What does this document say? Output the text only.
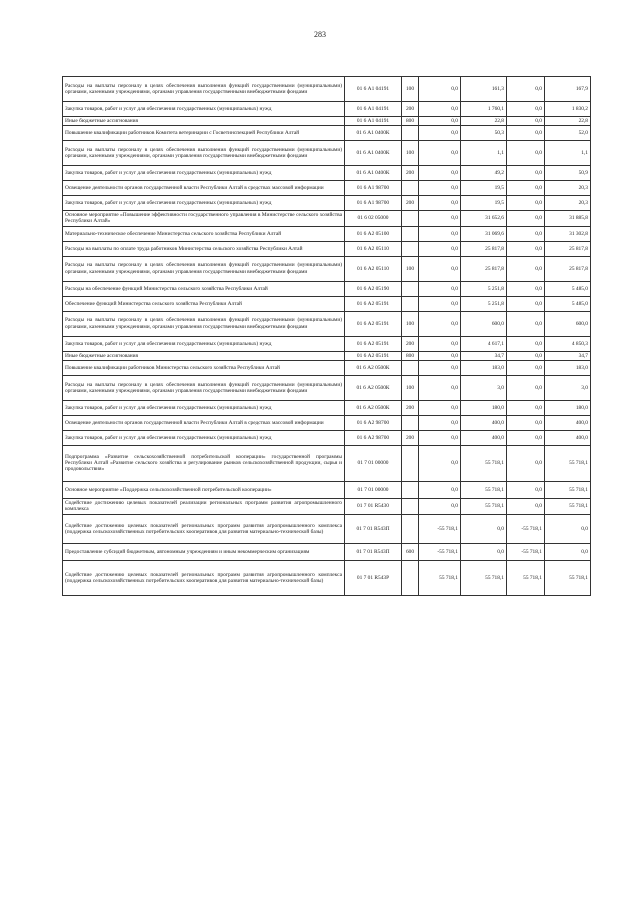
283
Расходы на выплаты персоналу в целях обеспечения выполнения функций государственными (муниципальными) органами, казенными учреждениями, органами управления государственными внебюджетными фондами	01 6 А1 04191	100	0,0	161,3	0,0	167,9
Закупка товаров, работ и услуг для обеспечения государственных (муниципальных) нужд	01 6 А1 04191	200	0,0	1 760,1	0,0	1 830,2
Иные бюджетные ассигнования	01 6 А1 04191	800	0,0	22,8	0,0	22,8
Повышение квалификации работников Комитета ветеринарии с Госветинспекцией Республики Алтай	01 6 А1 0400К		0,0	50,3	0,0	52,0
Расходы на выплаты персоналу в целях обеспечения выполнения функций государственными (муниципальными) органами, казенными учреждениями, органами управления государственными внебюджетными фондами	01 6 А1 0400К	100	0,0	1,1	0,0	1,1
Закупка товаров, работ и услуг для обеспечения государственных (муниципальных) нужд	01 6 А1 0400К	200	0,0	49,2	0,0	50,9
Освещение деятельности органов государственной власти Республики Алтай в средствах массовой информации	01 6 А1 98700		0,0	19,5	0,0	20,3
Закупка товаров, работ и услуг для обеспечения государственных (муниципальных) нужд	01 6 А1 98700	200	0,0	19,5	0,0	20,3
Основное мероприятие «Повышение эффективности государственного управления в Министерстве сельского хозяйства Республики Алтай»	01 6 02 05000		0,0	31 652,6	0,0	31 885,8
Материально-техническое обеспечение Министерства сельского хозяйства Республики Алтай	01 6 А2 05100		0,0	31 069,6	0,0	31 302,8
Расходы на выплаты по оплате труда работников Министерства сельского хозяйства Республики Алтай	01 6 А2 05110		0,0	25 817,8	0,0	25 817,8
Расходы на выплаты персоналу в целях обеспечения выполнения функций государственными (муниципальными) органами, казенными учреждениями, органами управления государственными внебюджетными фондами	01 6 А2 05110	100	0,0	25 817,8	0,0	25 817,8
Расходы на обеспечение функций Министерства сельского хозяйства Республики Алтай	01 6 А2 05190		0,0	5 251,8	0,0	5 485,0
Обеспечение функций Министерства сельского хозяйства Республики Алтай	01 6 А2 05191		0,0	5 251,8	0,0	5 485,0
Расходы на выплаты персоналу в целях обеспечения выполнения функций государственными (муниципальными) органами, казенными учреждениями, органами управления государственными внебюджетными фондами	01 6 А2 05191	100	0,0	600,0	0,0	600,0
Закупка товаров, работ и услуг для обеспечения государственных (муниципальных) нужд	01 6 А2 05191	200	0,0	4 617,1	0,0	4 850,3
Иные бюджетные ассигнования	01 6 А2 05191	800	0,0	34,7	0,0	34,7
Повышение квалификации работников Министерства сельского хозяйства Республики Алтай	01 6 А2 0500К		0,0	183,0	0,0	183,0
Расходы на выплаты персоналу в целях обеспечения выполнения функций государственными (муниципальными) органами, казенными учреждениями, органами управления государственными внебюджетными фондами	01 6 А2 0500К	100	0,0	3,0	0,0	3,0
Закупка товаров, работ и услуг для обеспечения государственных (муниципальных) нужд	01 6 А2 0500К	200	0,0	180,0	0,0	180,0
Освещение деятельности органов государственной власти Республики Алтай в средствах массовой информации	01 6 А2 98700		0,0	400,0	0,0	400,0
Закупка товаров, работ и услуг для обеспечения государственных (муниципальных) нужд	01 6 А2 98700	200	0,0	400,0	0,0	400,0
Подпрограмма «Развитие сельскохозяйственной потребительской кооперации» государственной программы Республики Алтай «Развитие сельского хозяйства и регулирование рынков сельскохозяйственной продукции, сырья и продовольствия»	01 7 01 00000		0,0	55 718,1	0,0	55 718,1
Основное мероприятие «Поддержка сельскохозяйственной потребительской кооперации»	01 7 01 00000		0,0	55 718,1	0,0	55 718,1
Содействие достижению целевых показателей реализации региональных программ развития агропромышленного комплекса	01 7 01 R5430		0,0	55 718,1	0,0	55 718,1
Содействие достижению целевых показателей региональных программ развития агропромышленного комплекса (поддержка сельскохозяйственных потребительских кооперативов для развития материально-технической базы)	01 7 01 R543П		-55 718,1	0,0	-55 718,1	0,0
Предоставление субсидий бюджетным, автономным учреждениям и иным некоммерческим организациям	01 7 01 R543П	600	-55 718,1	0,0	-55 718,1	0,0
Содействие достижению целевых показателей региональных программ развития агропромышленного комплекса (поддержка сельскохозяйственных потребительских кооперативов для развития материально-технической базы)	01 7 01 R543Р		55 718,1	55 718,1	55 718,1	55 718,1
